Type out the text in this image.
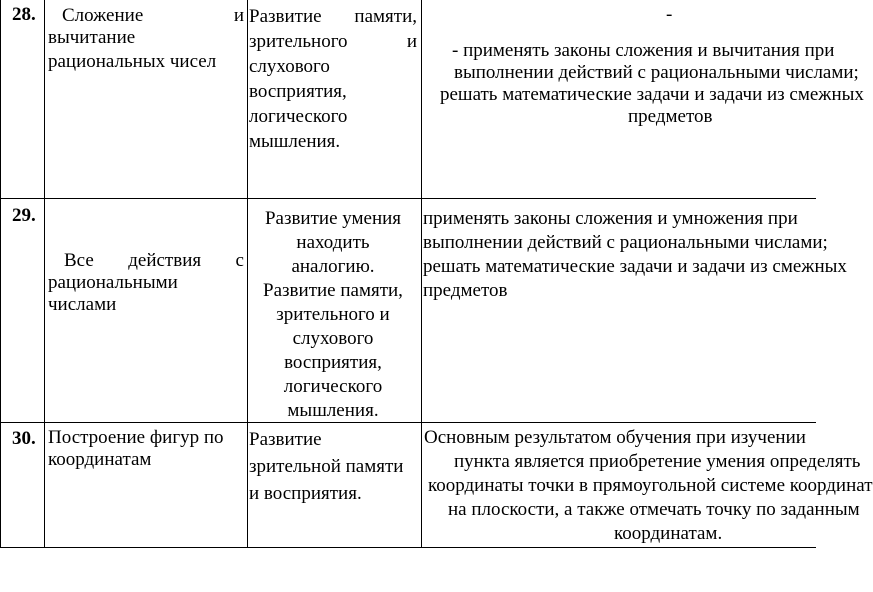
28.	Сложение и
вычитание
рациональных чисел
Развитие памяти,
зрительного и
слухового
восприятия,
логического
мышления.
-
- применять законы сложения и вычитания при
выполнении действий с рациональными числами;
решать математические задачи и задачи из смежных
предметов
29.
Все действия с
рациональными
числами
Развитие умения
находить
аналогию.
Развитие памяти,
зрительного и
слухового
восприятия,
логического
мышления.
применять законы сложения и умножения при
выполнении действий с рациональными числами;
решать математические задачи и задачи из смежных
предметов
30. Построение фигур по
координатам
Развитие
зрительной памяти
и восприятия.
Основным результатом обучения при изучении
пункта является приобретение умения определять
координаты точки в прямоугольной системе координат
на плоскости, а также отмечать точку по заданным
координатам.
